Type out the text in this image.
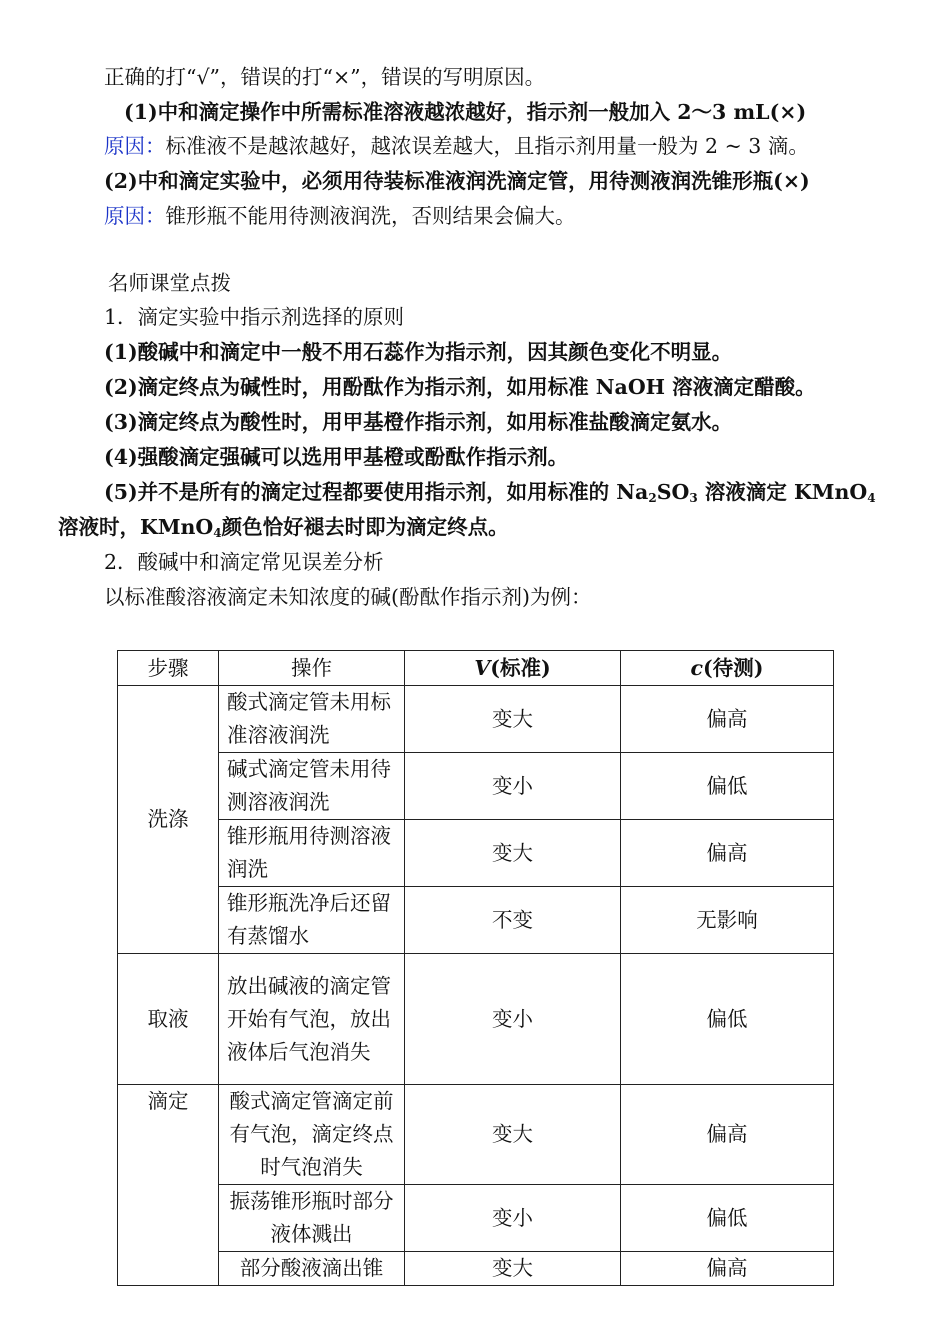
正确的打“√”，错误的打“×”，错误的写明原因。
(1)中和滴定操作中所需标准溶液越浓越好，指示剂一般加入 2～3 mL(×)
原因：标准液不是越浓越好，越浓误差越大，且指示剂用量一般为 2 ~ 3 滴。
(2)中和滴定实验中，必须用待装标准液润洗滴定管，用待测液润洗锥形瓶(×)
原因：锥形瓶不能用待测液润洗，否则结果会偏大。
名师课堂点拨
1．滴定实验中指示剂选择的原则
(1)酸碱中和滴定中一般不用石蕊作为指示剂，因其颜色变化不明显。
(2)滴定终点为碱性时，用酚酞作为指示剂，如用标准 NaOH 溶液滴定醋酸。
(3)滴定终点为酸性时，用甲基橙作指示剂，如用标准盐酸滴定氨水。
(4)强酸滴定强碱可以选用甲基橙或酚酞作指示剂。
(5)并不是所有的滴定过程都要使用指示剂，如用标准的 $Na_2SO_3$ 溶液滴定 KMnO$_4$
溶液时，KMnO$_4$颜色恰好褪去时即为滴定终点。
2．酸碱中和滴定常见误差分析
以标准酸溶液滴定未知浓度的碱(酚酞作指示剂)为例：
步骤	操作	V(标准)	c(待测)
洗涤	酸式滴定管未用标准溶液润洗	变大	偏高
	碱式滴定管未用待测溶液润洗	变小	偏低
	锥形瓶用待测溶液润洗	变大	偏高
	锥形瓶洗净后还留有蒸馏水	不变	无影响
取液	放出碱液的滴定管开始有气泡，放出液体后气泡消失	变小	偏低
滴定	酸式滴定管滴定前有气泡，滴定终点时气泡消失	变大	偏高
	振荡锥形瓶时部分液体溅出	变小	偏低
	部分酸液滴出锥	变大	偏高
